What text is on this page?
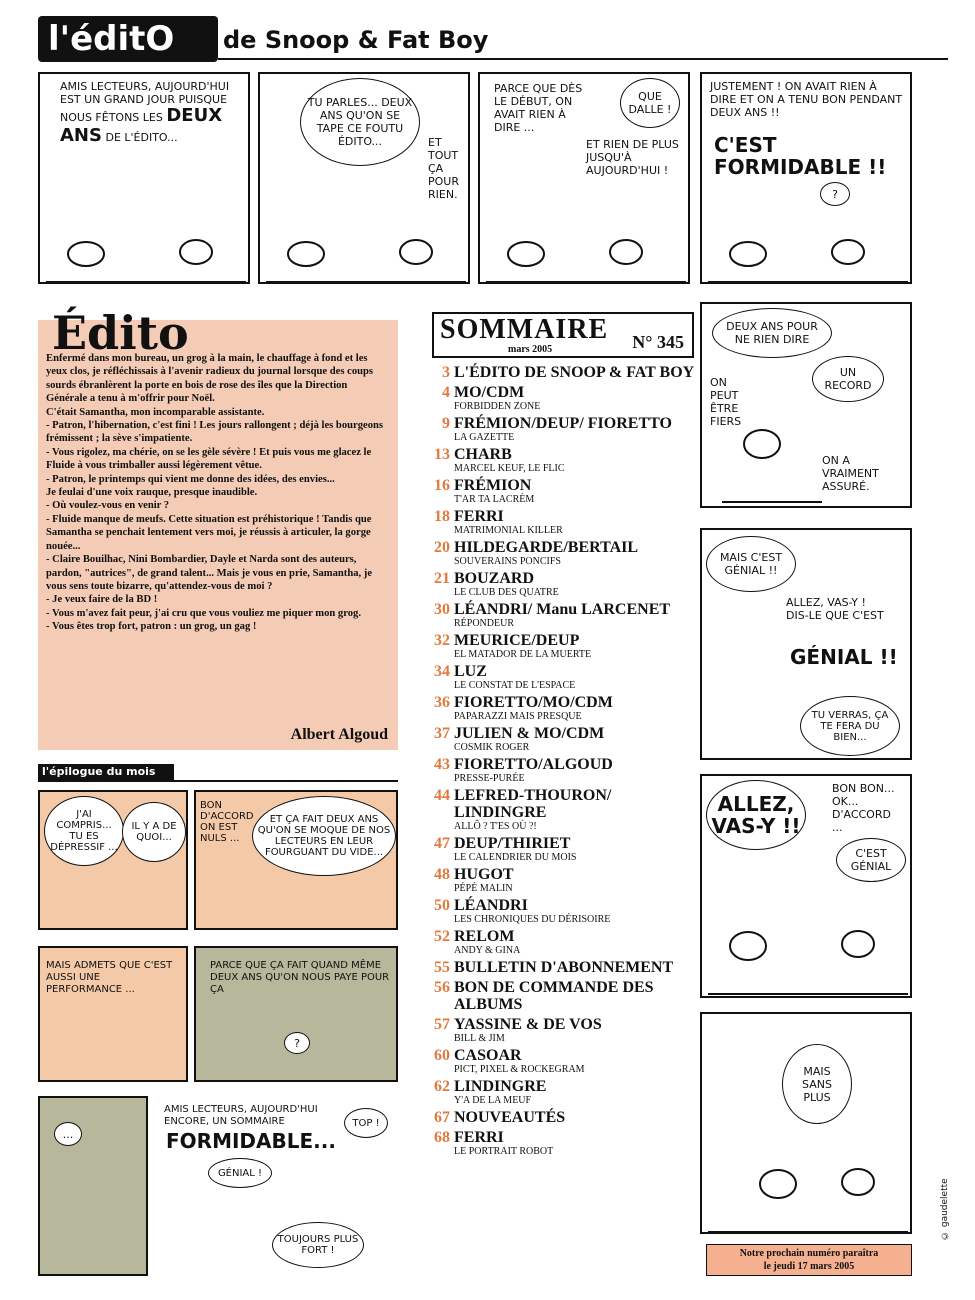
l'éditO	de Snoop & Fat Boy
AMIS LECTEURS, AUJOURD'HUI EST UN GRAND JOUR PUISQUE NOUS FÊTONS LES DEUX ANS DE L'ÉDITO...
TU PARLES... DEUX ANS QU'ON SE TAPE CE FOUTU ÉDITO...	ET TOUT ÇA POUR RIEN.
PARCE QUE DÈS LE DÉBUT, ON AVAIT RIEN À DIRE ...
QUE DALLE !
ET RIEN DE PLUS JUSQU'À AUJOURD'HUI !
JUSTEMENT ! ON AVAIT RIEN À DIRE ET ON A TENU BON PENDANT DEUX ANS !!
C'EST FORMIDABLE !!
?
Édito

Enfermé dans mon bureau, un grog à la main, le chauffage à fond et les yeux clos, je réfléchissais à l'avenir radieux du journal lorsque des coups sourds ébranlèrent la porte en bois de rose des îles que la Direction Générale a tenu à m'offrir pour Noël.

C'était Samantha, mon incomparable assistante.

- Patron, l'hibernation, c'est fini ! Les jours rallongent ; déjà les bourgeons frémissent ; la sève s'impatiente.

- Vous rigolez, ma chérie, on se les gèle sévère ! Et puis vous me glacez le Fluide à vous trimballer aussi légèrement vêtue.

- Patron, le printemps qui vient me donne des idées, des envies...

Je feulai d'une voix rauque, presque inaudible.

- Où voulez-vous en venir ?

- Fluide manque de meufs. Cette situation est préhistorique ! Tandis que Samantha se penchait lentement vers moi, je réussis à articuler, la gorge nouée...

- Claire Bouilhac, Nini Bombardier, Dayle et Narda sont des auteurs, pardon, "autrices", de grand talent... Mais je vous en prie, Samantha, je vous sens toute bizarre, qu'attendez-vous de moi ?

- Je veux faire de la BD !

- Vous m'avez fait peur, j'ai cru que vous vouliez me piquer mon grog.

- Vous êtes trop fort, patron : un grog, un gag !

Albert Algoud
l'épilogue du mois
J'AI COMPRIS... TU ES DÉPRESSIF ...
IL Y A DE QUOI...
BON D'ACCORD ON EST NULS ...
ET ÇA FAIT DEUX ANS QU'ON SE MOQUE DE NOS LECTEURS EN LEUR FOURGUANT DU VIDE...
MAIS ADMETS QUE C'EST AUSSI UNE PERFORMANCE ...
PARCE QUE ÇA FAIT QUAND MÊME DEUX ANS QU'ON NOUS PAYE POUR ÇA
?
...
AMIS LECTEURS, AUJOURD'HUI ENCORE, UN SOMMAIRE
FORMIDABLE...
TOP !
GÉNIAL !
TOUJOURS PLUS FORT !
SOMMAIRE
mars 2005	N° 345
3 L'ÉDITO DE SNOOP & FAT BOY
4 MO/CDM
FORBIDDEN ZONE
9 FRÉMION/DEUP/ FIORETTO
LA GAZETTE
13 CHARB
MARCEL KEUF, LE FLIC
16 FRÉMION
T'AR TA LACRÈM
18 FERRI
MATRIMONIAL KILLER
20 HILDEGARDE/BERTAIL
SOUVERAINS PONCIFS
21 BOUZARD
LE CLUB DES QUATRE
30 LÉANDRI/ Manu LARCENET
RÉPONDEUR
32 MEURICE/DEUP
EL MATADOR DE LA MUERTE
34 LUZ
LE CONSTAT DE L'ESPACE
36 FIORETTO/MO/CDM
PAPARAZZI MAIS PRESQUE
37 JULIEN & MO/CDM
COSMIK ROGER
43 FIORETTO/ALGOUD
PRESSE-PURÉE
44 LEFRED-THOURON/ LINDINGRE
ALLÔ ? T'ES OÙ ?!
47 DEUP/THIRIET
LE CALENDRIER DU MOIS
48 HUGOT
PÉPÉ MALIN
50 LÉANDRI
LES CHRONIQUES DU DÉRISOIRE
52 RELOM
ANDY & GINA
55 BULLETIN D'ABONNEMENT
56 BON DE COMMANDE DES ALBUMS
57 YASSINE & DE VOS
BILL & JIM
60 CASOAR
PICT, PIXEL & ROCKEGRAM
62 LINDINGRE
Y'A DE LA MEUF
67 NOUVEAUTÉS
68 FERRI
LE PORTRAIT ROBOT
Notre prochain numéro paraîtra
le jeudi 17 mars 2005
© gaudelette
DEUX ANS POUR NE RIEN DIRE
ON PEUT ÊTRE FIERS
UN RECORD
ON A VRAIMENT ASSURÉ.
MAIS C'EST GÉNIAL !!
ALLEZ, VAS-Y ! DIS-LE QUE C'EST
GÉNIAL !!
TU VERRAS, ÇA TE FERA DU BIEN...
ALLEZ, VAS-Y !!
BON BON... OK... D'ACCORD ...
C'EST GÉNIAL
MAIS SANS PLUS
